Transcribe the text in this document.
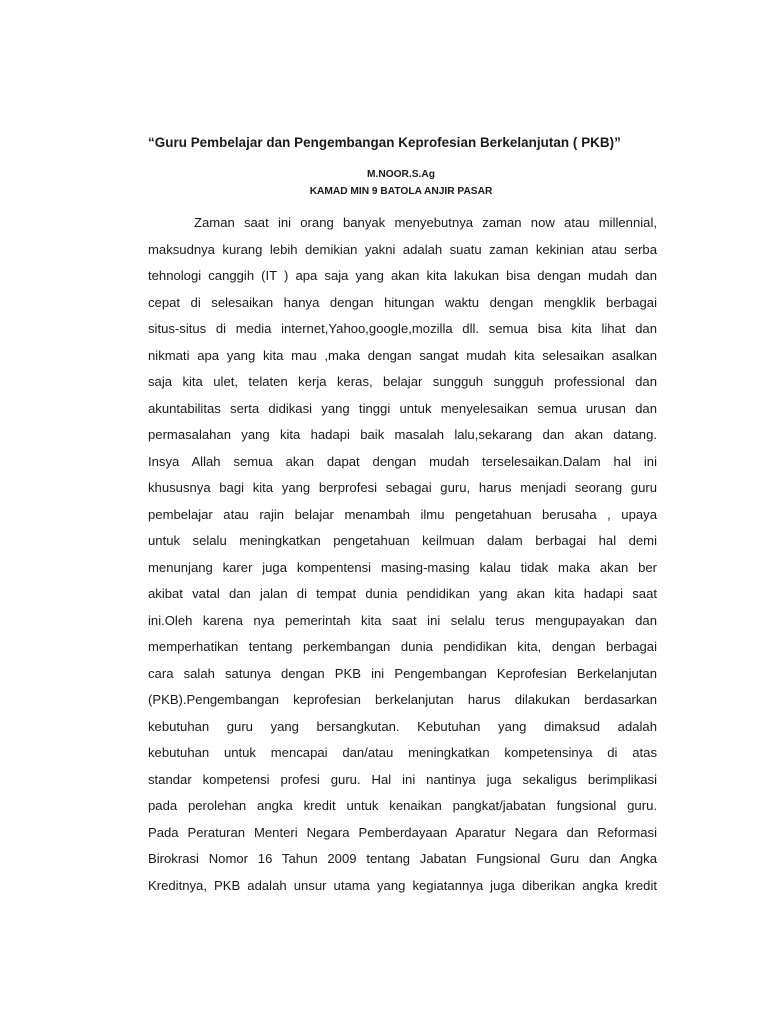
“Guru Pembelajar dan Pengembangan Keprofesian Berkelanjutan ( PKB)”
M.NOOR.S.Ag
KAMAD MIN 9 BATOLA ANJIR PASAR
Zaman saat ini orang banyak menyebutnya zaman now atau millennial,
maksudnya kurang lebih demikian yakni adalah suatu zaman kekinian atau serba
tehnologi canggih (IT ) apa saja yang akan kita lakukan bisa dengan mudah dan
cepat di selesaikan hanya dengan hitungan waktu dengan mengklik berbagai
situs-situs di media internet,Yahoo,google,mozilla dll. semua bisa kita lihat dan
nikmati apa yang kita mau ,maka dengan sangat mudah kita selesaikan asalkan
saja kita ulet, telaten kerja keras, belajar sungguh sungguh professional dan
akuntabilitas serta didikasi yang tinggi untuk menyelesaikan semua urusan dan
permasalahan yang kita hadapi baik masalah lalu,sekarang dan akan datang.
Insya Allah semua akan dapat dengan mudah terselesaikan.Dalam hal ini
khususnya bagi kita yang berprofesi sebagai guru, harus menjadi seorang guru
pembelajar atau rajin belajar menambah ilmu pengetahuan berusaha , upaya
untuk selalu meningkatkan pengetahuan keilmuan dalam berbagai hal demi
menunjang karer juga kompentensi masing-masing kalau tidak maka akan ber
akibat vatal dan jalan di tempat dunia pendidikan yang akan kita hadapi saat
ini.Oleh karena nya pemerintah kita saat ini selalu terus mengupayakan dan
memperhatikan tentang perkembangan dunia pendidikan kita, dengan berbagai
cara salah satunya dengan PKB ini Pengembangan Keprofesian Berkelanjutan
(PKB).Pengembangan keprofesian berkelanjutan harus dilakukan berdasarkan
kebutuhan guru yang bersangkutan. Kebutuhan yang dimaksud adalah
kebutuhan untuk mencapai dan/atau meningkatkan kompetensinya di atas
standar kompetensi profesi guru. Hal ini nantinya juga sekaligus berimplikasi
pada perolehan angka kredit untuk kenaikan pangkat/jabatan fungsional guru.
Pada Peraturan Menteri Negara Pemberdayaan Aparatur Negara dan Reformasi
Birokrasi Nomor 16 Tahun 2009 tentang Jabatan Fungsional Guru dan Angka
Kreditnya, PKB adalah unsur utama yang kegiatannya juga diberikan angka kredit
